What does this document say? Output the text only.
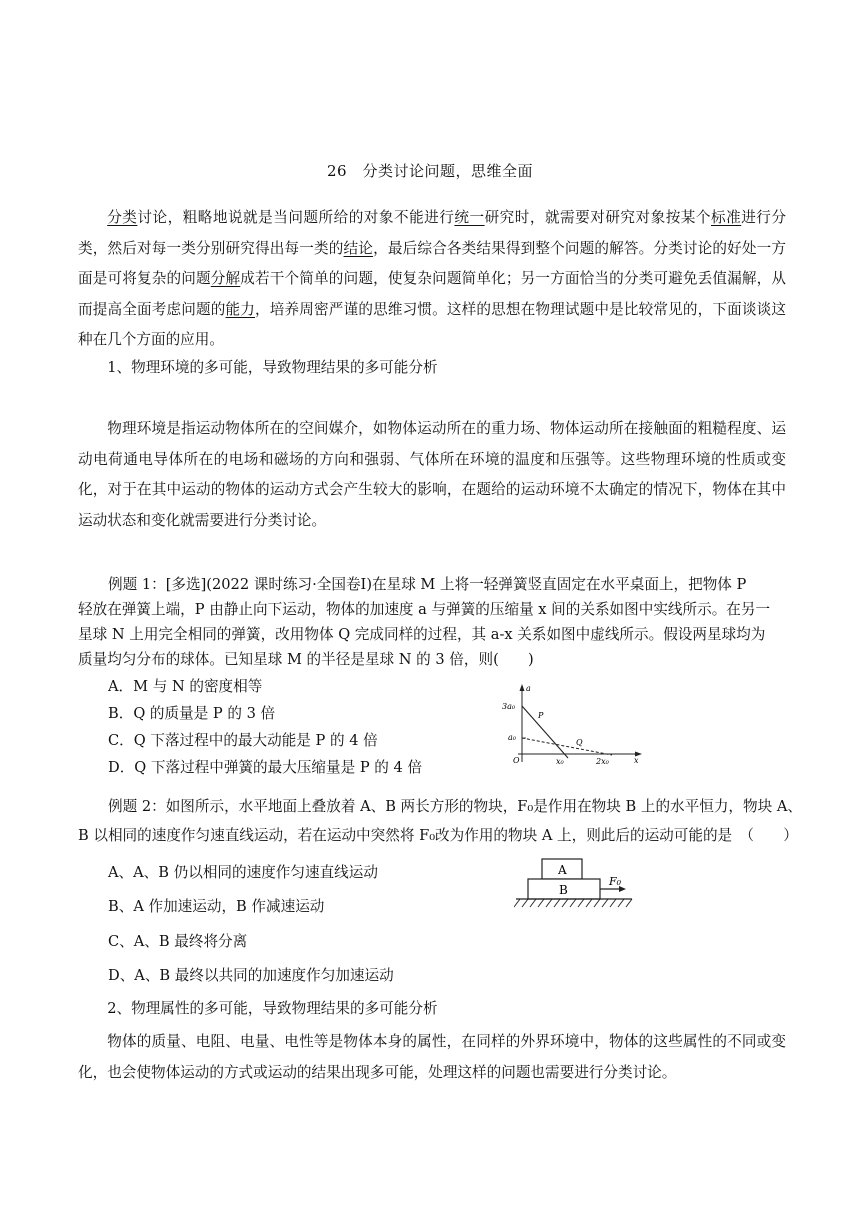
26　分类讨论问题，思维全面
分类讨论，粗略地说就是当问题所给的对象不能进行统一研究时，就需要对研究对象按某个标准进行分类，然后对每一类分别研究得出每一类的结论，最后综合各类结果得到整个问题的解答。分类讨论的好处一方面是可将复杂的问题分解成若干个简单的问题，使复杂问题简单化；另一方面恰当的分类可避免丢值漏解，从而提高全面考虑问题的能力，培养周密严谨的思维习惯。这样的思想在物理试题中是比较常见的，下面谈谈这种在几个方面的应用。
1、物理环境的多可能，导致物理结果的多可能分析
物理环境是指运动物体所在的空间媒介，如物体运动所在的重力场、物体运动所在接触面的粗糙程度、运动电荷通电导体所在的电场和磁场的方向和强弱、气体所在环境的温度和压强等。这些物理环境的性质或变化，对于在其中运动的物体的运动方式会产生较大的影响，在题给的运动环境不太确定的情况下，物体在其中运动状态和变化就需要进行分类讨论。
例题 1：[多选](2022 课时练习·全国卷Ⅰ)在星球 M 上将一轻弹簧竖直固定在水平桌面上，把物体 P
轻放在弹簧上端，P 由静止向下运动，物体的加速度 a 与弹簧的压缩量 x 间的关系如图中实线所示。在另一
星球 N 上用完全相同的弹簧，改用物体 Q 完成同样的过程，其 a-x 关系如图中虚线所示。假设两星球均为
质量均匀分布的球体。已知星球 M 的半径是星球 N 的 3 倍，则(　　)
A．M 与 N 的密度相等
B．Q 的质量是 P 的 3 倍
C．Q 下落过程中的最大动能是 P 的 4 倍
D．Q 下落过程中弹簧的最大压缩量是 P 的 4 倍
a
3a₀
a₀
O	x₀	2x₀	x
P
Q
例题 2：如图所示，水平地面上叠放着 A、B 两长方形的物块，F₀是作用在物块 B 上的水平恒力，物块 A、
B 以相同的速度作匀速直线运动，若在运动中突然将 F₀改为作用的物块 A 上，则此后的运动可能的是　（　　）
A、A、B 仍以相同的速度作匀速直线运动
B、A 作加速运动，B 作减速运动
C、A、B 最终将分离
D、A、B 最终以共同的加速度作匀加速运动
A
B
F₀
2、物理属性的多可能，导致物理结果的多可能分析
物体的质量、电阻、电量、电性等是物体本身的属性，在同样的外界环境中，物体的这些属性的不同或变化，也会使物体运动的方式或运动的结果出现多可能，处理这样的问题也需要进行分类讨论。
